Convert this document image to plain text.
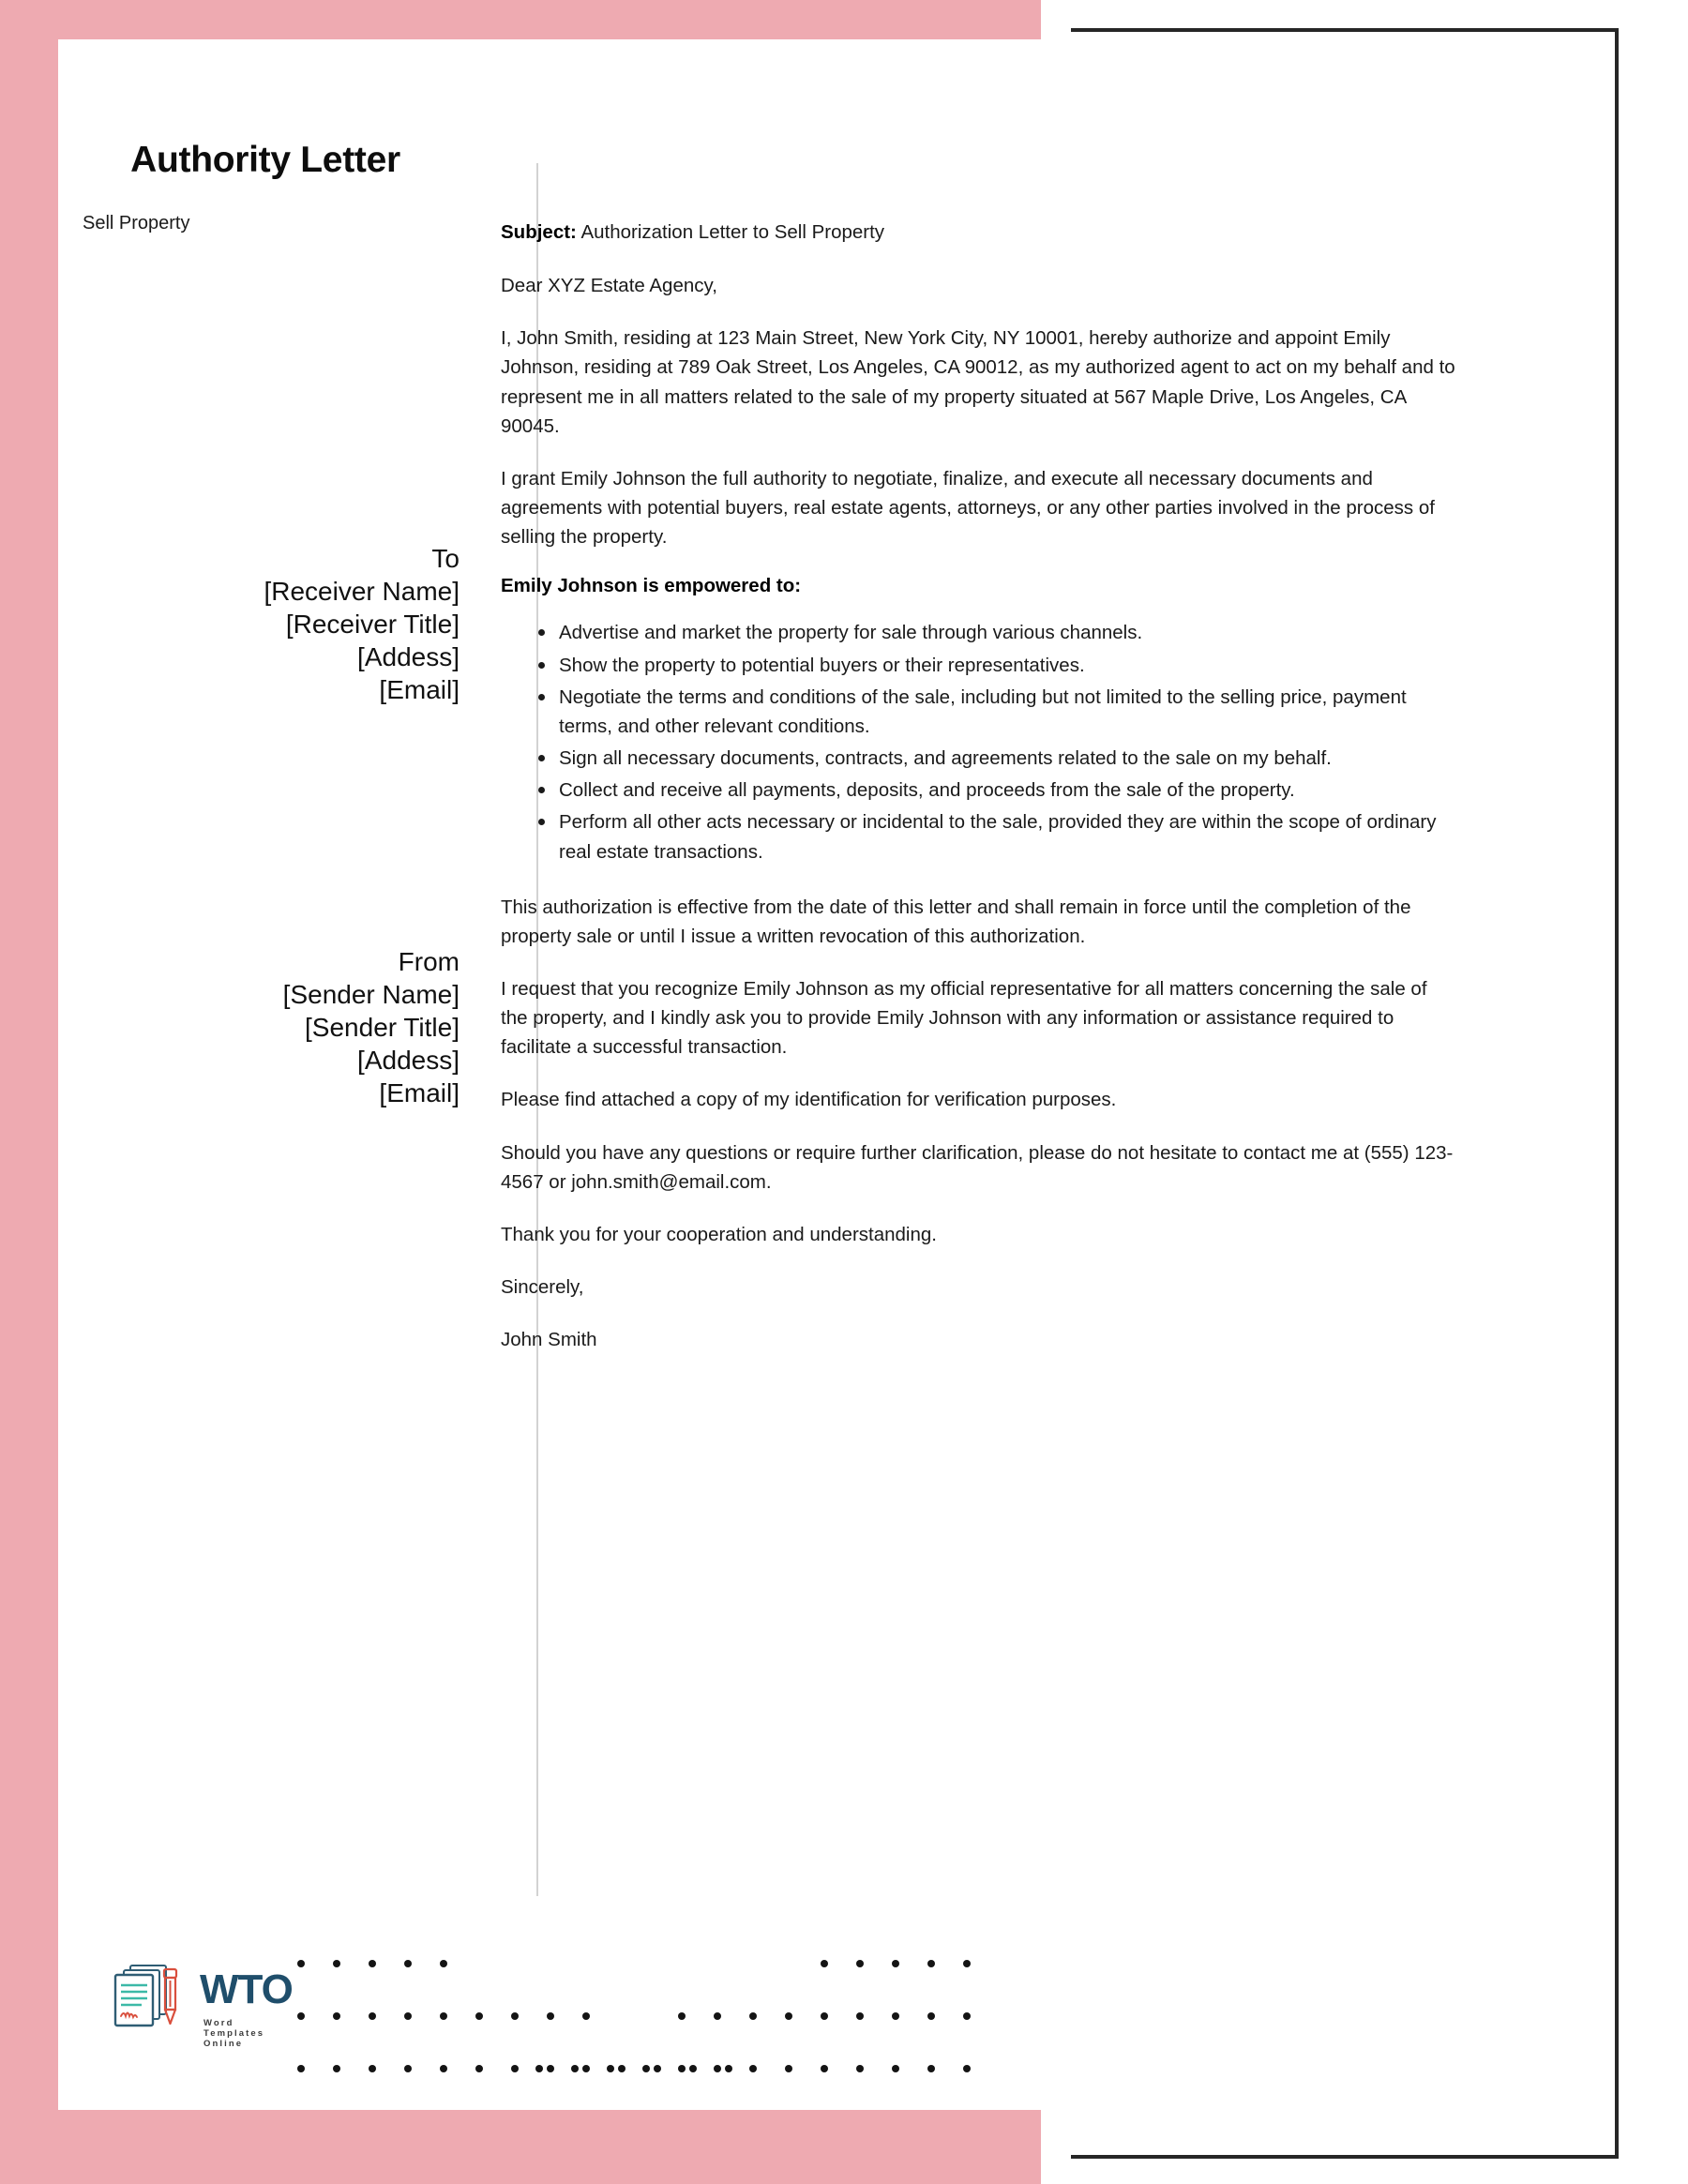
Authority Letter
Sell Property
To
[Receiver Name]
[Receiver Title]
[Addess]
[Email]
From
[Sender Name]
[Sender Title]
[Addess]
[Email]

Subject: Authorization Letter to Sell Property

Dear XYZ Estate Agency,

I, John Smith, residing at 123 Main Street, New York City, NY 10001, hereby authorize and appoint Emily Johnson, residing at 789 Oak Street, Los Angeles, CA 90012, as my authorized agent to act on my behalf and to represent me in all matters related to the sale of my property situated at 567 Maple Drive, Los Angeles, CA 90045.

I grant Emily Johnson the full authority to negotiate, finalize, and execute all necessary documents and agreements with potential buyers, real estate agents, attorneys, or any other parties involved in the process of selling the property.

Emily Johnson is empowered to:

Advertise and market the property for sale through various channels.
Show the property to potential buyers or their representatives.
Negotiate the terms and conditions of the sale, including but not limited to the selling price, payment terms, and other relevant conditions.
Sign all necessary documents, contracts, and agreements related to the sale on my behalf.
Collect and receive all payments, deposits, and proceeds from the sale of the property.
Perform all other acts necessary or incidental to the sale, provided they are within the scope of ordinary real estate transactions.

This authorization is effective from the date of this letter and shall remain in force until the completion of the property sale or until I issue a written revocation of this authorization.

I request that you recognize Emily Johnson as my official representative for all matters concerning the sale of the property, and I kindly ask you to provide Emily Johnson with any information or assistance required to facilitate a successful transaction.

Please find attached a copy of my identification for verification purposes.

Should you have any questions or require further clarification, please do not hesitate to contact me at (555) 123-4567 or john.smith@email.com.

Thank you for your cooperation and understanding.

Sincerely,

John Smith

WTO
Word Templates Online
